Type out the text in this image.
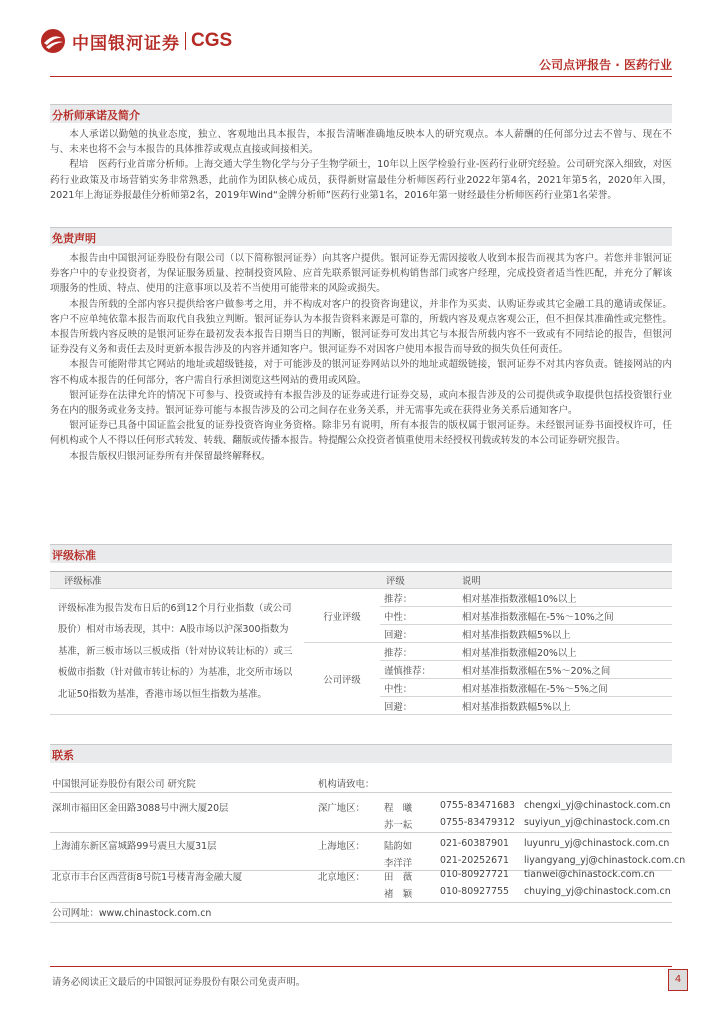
中国银河证券 CGS
公司点评报告 · 医药行业
分析师承诺及简介

本人承诺以勤勉的执业态度，独立、客观地出具本报告，本报告清晰准确地反映本人的研究观点。本人薪酬的任何部分过去不曾与、现在不与、未来也将不会与本报告的具体推荐或观点直接或间接相关。

程培　医药行业首席分析师。上海交通大学生物化学与分子生物学硕士，10年以上医学检验行业-医药行业研究经验。公司研究深入细致，对医药行业政策及市场营销实务非常熟悉，此前作为团队核心成员，获得新财富最佳分析师医药行业2022年第4名，2021年第5名，2020年入围，2021年上海证券报最佳分析师第2名，2019年Wind“金牌分析师”医药行业第1名，2016年第一财经最佳分析师医药行业第1名荣誉。

免责声明

本报告由中国银河证券股份有限公司（以下简称银河证券）向其客户提供。银河证券无需因接收人收到本报告而视其为客户。若您并非银河证券客户中的专业投资者，为保证服务质量、控制投资风险、应首先联系银河证券机构销售部门或客户经理，完成投资者适当性匹配，并充分了解该项服务的性质、特点、使用的注意事项以及若不当使用可能带来的风险或损失。

本报告所载的全部内容只提供给客户做参考之用，并不构成对客户的投资咨询建议，并非作为买卖、认购证券或其它金融工具的邀请或保证。客户不应单纯依靠本报告而取代自我独立判断。银河证券认为本报告资料来源是可靠的，所载内容及观点客观公正，但不担保其准确性或完整性。本报告所载内容反映的是银河证券在最初发表本报告日期当日的判断，银河证券可发出其它与本报告所载内容不一致或有不同结论的报告，但银河证券没有义务和责任去及时更新本报告涉及的内容并通知客户。银河证券不对因客户使用本报告而导致的损失负任何责任。

本报告可能附带其它网站的地址或超级链接，对于可能涉及的银河证券网站以外的地址或超级链接，银河证券不对其内容负责。链接网站的内容不构成本报告的任何部分，客户需自行承担浏览这些网站的费用或风险。

银河证券在法律允许的情况下可参与、投资或持有本报告涉及的证券或进行证券交易，或向本报告涉及的公司提供或争取提供包括投资银行业务在内的服务或业务支持。银河证券可能与本报告涉及的公司之间存在业务关系，并无需事先或在获得业务关系后通知客户。

银河证券已具备中国证监会批复的证券投资咨询业务资格。除非另有说明，所有本报告的版权属于银河证券。未经银河证券书面授权许可，任何机构或个人不得以任何形式转发、转载、翻版或传播本报告。特提醒公众投资者慎重使用未经授权刊载或转发的本公司证券研究报告。

本报告版权归银河证券所有并保留最终解释权。

评级标准
评级标准		评级	说明
评级标准为报告发布日后的6到12个月行业指数（或公司股价）相对市场表现，其中：A股市场以沪深300指数为基准，新三板市场以三板成指（针对协议转让标的）或三板做市指数（针对做市转让标的）为基准，北交所市场以北证50指数为基准，香港市场以恒生指数为基准。	行业评级	推荐：	相对基准指数涨幅10%以上
		中性：	相对基准指数涨幅在-5%～10%之间
		回避：	相对基准指数跌幅5%以上
	公司评级	推荐：	相对基准指数涨幅20%以上
		谨慎推荐：	相对基准指数涨幅在5%～20%之间
		中性：	相对基准指数涨幅在-5%～5%之间
		回避：	相对基准指数跌幅5%以上
联系
中国银河证券股份有限公司 研究院	机构请致电：
深圳市福田区金田路3088号中洲大厦20层	深广地区： 程　曦	0755-83471683 chengxi_yj@chinastock.com.cn
苏一耘	0755-83479312 suyiyun_yj@chinastock.com.cn
上海浦东新区富城路99号震旦大厦31层	上海地区： 陆韵如	021-60387901 luyunru_yj@chinastock.com.cn
李洋洋	021-20252671 liyangyang_yj@chinastock.com.cn
北京市丰台区西营街8号院1号楼青海金融大厦	北京地区： 田　薇	010-80927721 tianwei@chinastock.com.cn
褚　颖	010-80927755 chuying_yj@chinastock.com.cn
公司网址：www.chinastock.com.cn
请务必阅读正文最后的中国银河证券股份有限公司免责声明。	4
